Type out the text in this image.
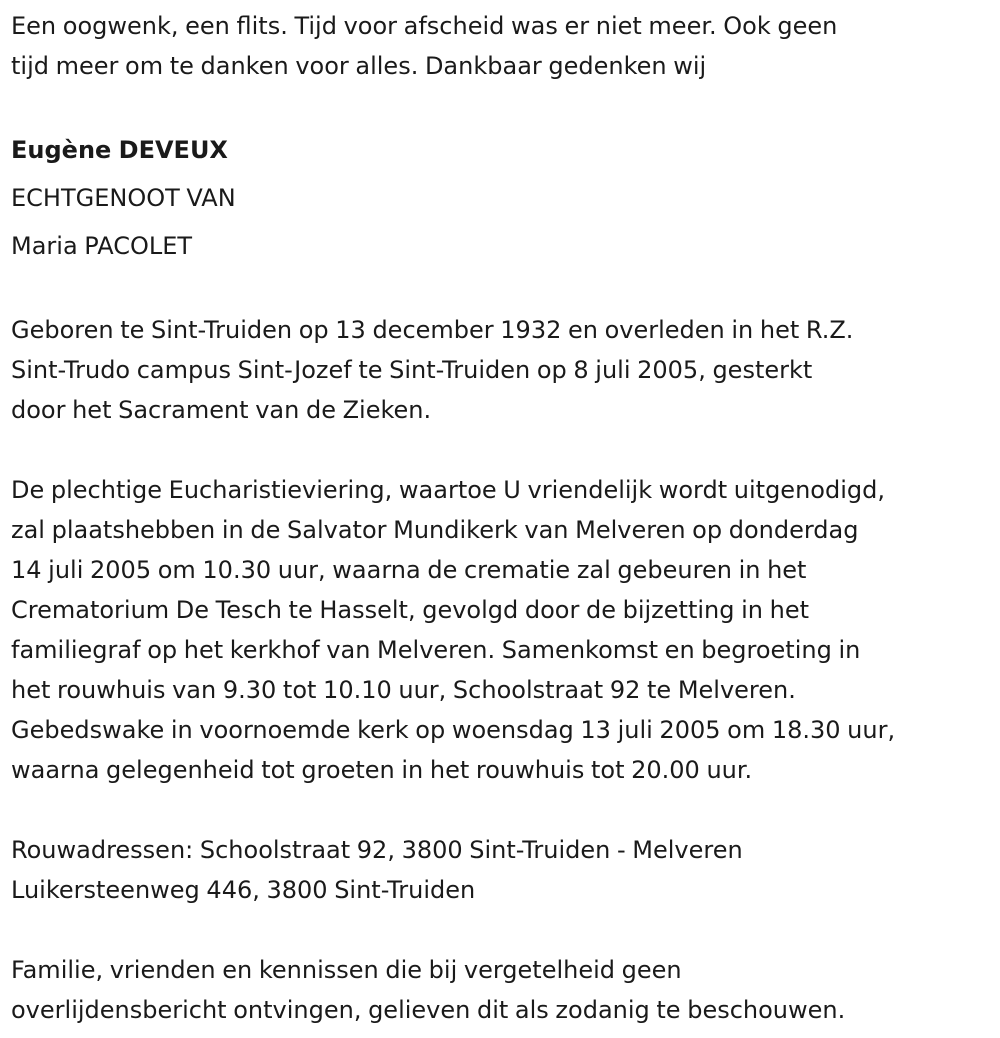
Een oogwenk, een flits. Tijd voor afscheid was er niet meer. Ook geen
tijd meer om te danken voor alles. Dankbaar gedenken wij
Eugène DEVEUX
ECHTGENOOT VAN
Maria PACOLET
Geboren te Sint-Truiden op 13 december 1932 en overleden in het R.Z.
Sint-Trudo campus Sint-Jozef te Sint-Truiden op 8 juli 2005, gesterkt
door het Sacrament van de Zieken.
De plechtige Eucharistieviering, waartoe U vriendelijk wordt uitgenodigd,
zal plaatshebben in de Salvator Mundikerk van Melveren op donderdag
14 juli 2005 om 10.30 uur, waarna de crematie zal gebeuren in het
Crematorium De Tesch te Hasselt, gevolgd door de bijzetting in het
familiegraf op het kerkhof van Melveren. Samenkomst en begroeting in
het rouwhuis van 9.30 tot 10.10 uur, Schoolstraat 92 te Melveren.
Gebedswake in voornoemde kerk op woensdag 13 juli 2005 om 18.30 uur,
waarna gelegenheid tot groeten in het rouwhuis tot 20.00 uur.
Rouwadressen: Schoolstraat 92, 3800 Sint-Truiden - Melveren
Luikersteenweg 446, 3800 Sint-Truiden
Familie, vrienden en kennissen die bij vergetelheid geen
overlijdensbericht ontvingen, gelieven dit als zodanig te beschouwen.
